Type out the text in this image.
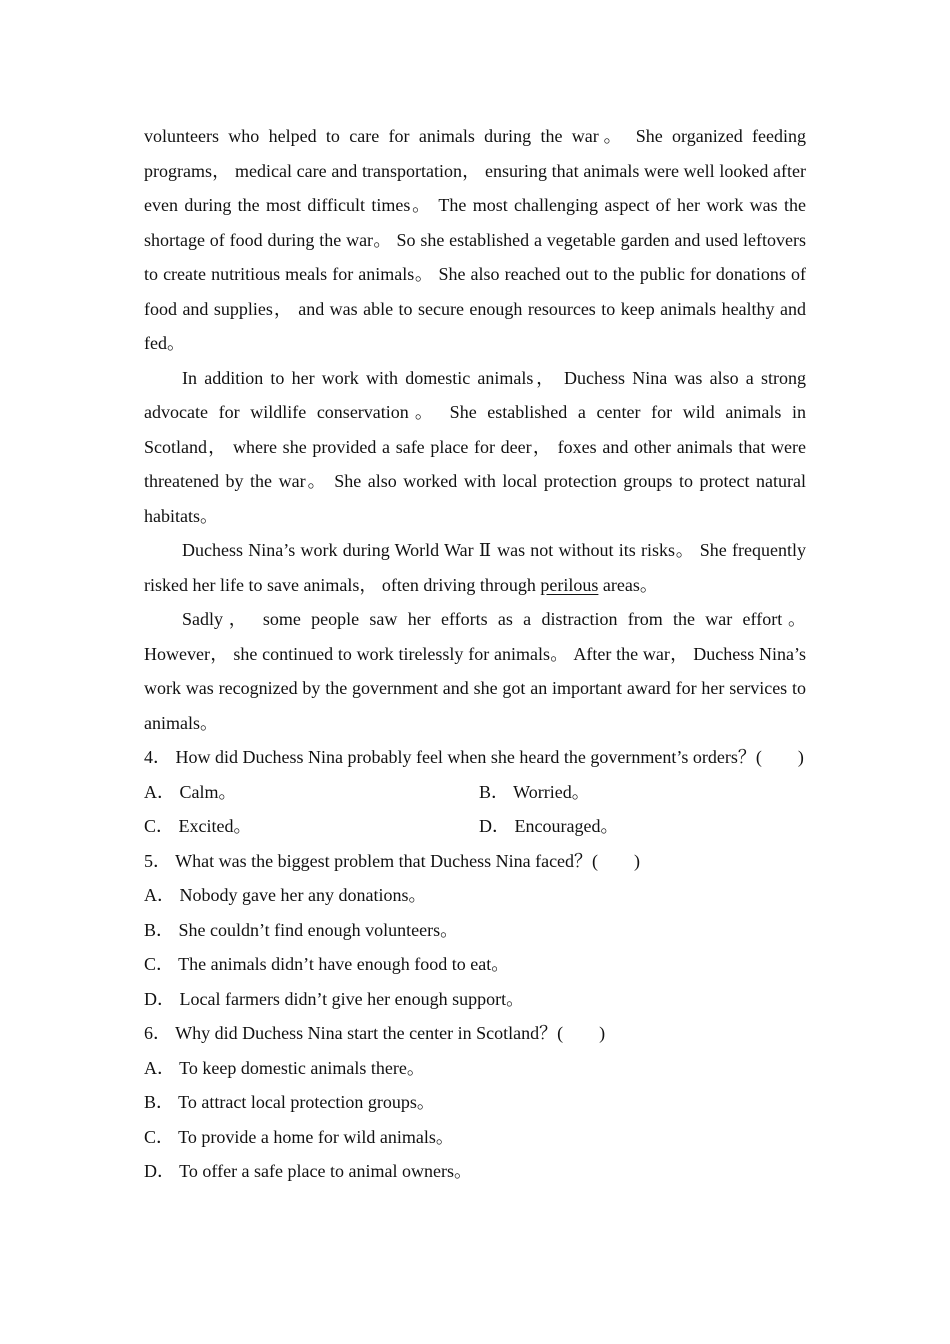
volunteers who helped to care for animals during the war。 She organized feeding programs， medical care and transportation， ensuring that animals were well looked after even during the most difficult times。 The most challenging aspect of her work was the shortage of food during the war。 So she established a vegetable garden and used leftovers to create nutritious meals for animals。 She also reached out to the public for donations of food and supplies， and was able to secure enough resources to keep animals healthy and fed。

In addition to her work with domestic animals， Duchess Nina was also a strong advocate for wildlife conservation。 She established a center for wild animals in Scotland， where she provided a safe place for deer， foxes and other animals that were threatened by the war。 She also worked with local protection groups to protect natural habitats。

Duchess Nina’s work during World War Ⅱ was not without its risks。 She frequently risked her life to save animals， often driving through perilous areas。

Sadly， some people saw her efforts as a distraction from the war effort。 However， she continued to work tirelessly for animals。 After the war， Duchess Nina’s work was recognized by the government and she got an important award for her services to animals。

4． How did Duchess Nina probably feel when she heard the government’s orders？(　　)

A． Calm。	B． Worried。
C． Excited。	D． Encouraged。

5． What was the biggest problem that Duchess Nina faced？(　　)

A． Nobody gave her any donations。

B． She couldn’t find enough volunteers。

C． The animals didn’t have enough food to eat。

D． Local farmers didn’t give her enough support。

6． Why did Duchess Nina start the center in Scotland？(　　)

A． To keep domestic animals there。

B． To attract local protection groups。

C． To provide a home for wild animals。

D． To offer a safe place to animal owners。
